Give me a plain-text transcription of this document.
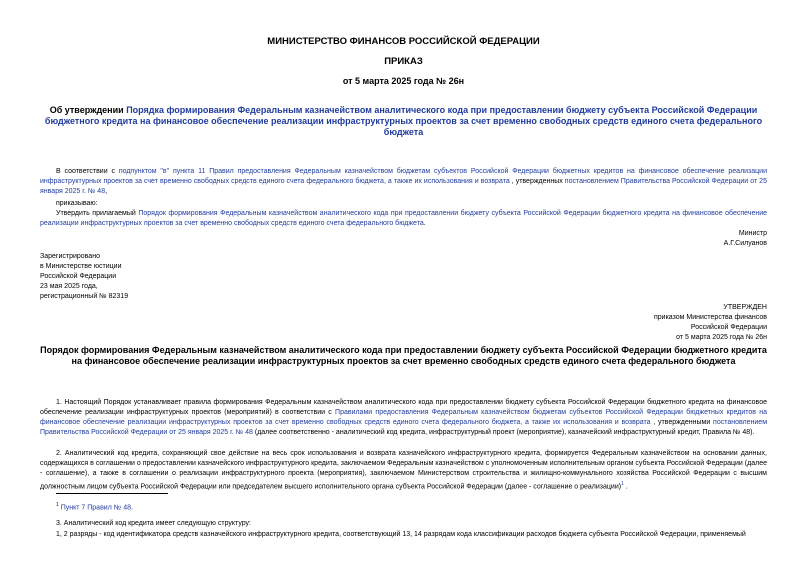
МИНИСТЕРСТВО ФИНАНСОВ РОССИЙСКОЙ ФЕДЕРАЦИИ
ПРИКАЗ
от 5 марта 2025 года № 26н
Об утверждении Порядка формирования Федеральным казначейством аналитического кода при предоставлении бюджету субъекта Российской Федерации бюджетного кредита на финансовое обеспечение реализации инфраструктурных проектов за счет временно свободных средств единого счета федерального бюджета
В соответствии с подпунктом "в" пункта 11 Правил предоставления Федеральным казначейством бюджетам субъектов Российской Федерации бюджетных кредитов на финансовое обеспечение реализации инфраструктурных проектов за счет временно свободных средств единого счета федерального бюджета, а также их использования и возврата , утвержденных постановлением Правительства Российской Федерации от 25 января 2025 г. № 48,
приказываю:
Утвердить прилагаемый Порядок формирования Федеральным казначейством аналитического кода при предоставлении бюджету субъекта Российской Федерации бюджетного кредита на финансовое обеспечение реализации инфраструктурных проектов за счет временно свободных средств единого счета федерального бюджета.
Министр
А.Г.Силуанов
Зарегистрировано
в Министерстве юстиции
Российской Федерации
23 мая 2025 года,
регистрационный № 82319
УТВЕРЖДЕН
приказом Министерства финансов
Российской Федерации
от 5 марта 2025 года № 26н
Порядок формирования Федеральным казначейством аналитического кода при предоставлении бюджету субъекта Российской Федерации бюджетного кредита на финансовое обеспечение реализации инфраструктурных проектов за счет временно свободных средств единого счета федерального бюджета
1. Настоящий Порядок устанавливает правила формирования Федеральным казначейством аналитического кода при предоставлении бюджету субъекта Российской Федерации бюджетного кредита на финансовое обеспечение реализации инфраструктурных проектов (мероприятий) в соответствии с Правилами предоставления Федеральным казначейством бюджетам субъектов Российской Федерации бюджетных кредитов на финансовое обеспечение реализации инфраструктурных проектов за счет временно свободных средств единого счета федерального бюджета, а также их использования и возврата , утвержденными постановлением Правительства Российской Федерации от 25 января 2025 г. № 48 (далее соответственно - аналитический код кредита, инфраструктурный проект (мероприятие), казначейский инфраструктурный кредит, Правила № 48).
2. Аналитический код кредита, сохраняющий свое действие на весь срок использования и возврата казначейского инфраструктурного кредита, формируется Федеральным казначейством на основании данных, содержащихся в соглашении о предоставлении казначейского инфраструктурного кредита, заключаемом Федеральным казначейством с уполномоченным исполнительным органом субъекта Российской Федерации (далее - соглашение), а также в соглашении о реализации инфраструктурного проекта (мероприятия), заключаемом Министерством строительства и жилищно-коммунального хозяйства Российской Федерации с высшим должностным лицом субъекта Российской Федерации или председателем высшего исполнительного органа субъекта Российской Федерации (далее - соглашение о реализации)$^1$ .
$^1$ Пункт 7 Правил № 48.
3. Аналитический код кредита имеет следующую структуру:
1, 2 разряды - код идентификатора средств казначейского инфраструктурного кредита, соответствующий 13, 14 разрядам кода классификации расходов бюджета субъекта Российской Федерации, применяемый
